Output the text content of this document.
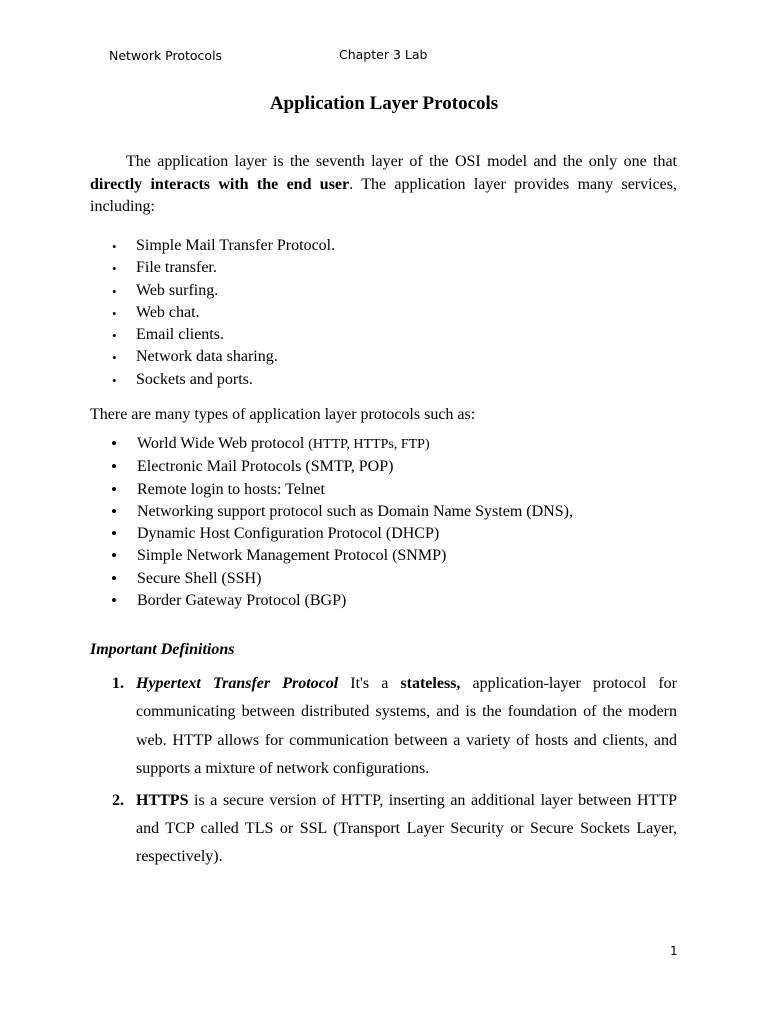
Network Protocols	Chapter 3 Lab
Application Layer Protocols

The application layer is the seventh layer of the OSI model and the only one that directly interacts with the end user. The application layer provides many services, including:

• Simple Mail Transfer Protocol.
• File transfer.
• Web surfing.
• Web chat.
• Email clients.
• Network data sharing.
• Sockets and ports.

There are many types of application layer protocols such as:

• World Wide Web protocol (HTTP, HTTPs, FTP)
• Electronic Mail Protocols (SMTP, POP)
• Remote login to hosts: Telnet
• Networking support protocol such as Domain Name System (DNS),
• Dynamic Host Configuration Protocol (DHCP)
• Simple Network Management Protocol (SNMP)
• Secure Shell (SSH)
• Border Gateway Protocol (BGP)
Important Definitions
1. Hypertext Transfer Protocol It's a stateless, application-layer protocol for communicating between distributed systems, and is the foundation of the modern web. HTTP allows for communication between a variety of hosts and clients, and supports a mixture of network configurations.
2. HTTPS is a secure version of HTTP, inserting an additional layer between HTTP and TCP called TLS or SSL (Transport Layer Security or Secure Sockets Layer, respectively).
1
